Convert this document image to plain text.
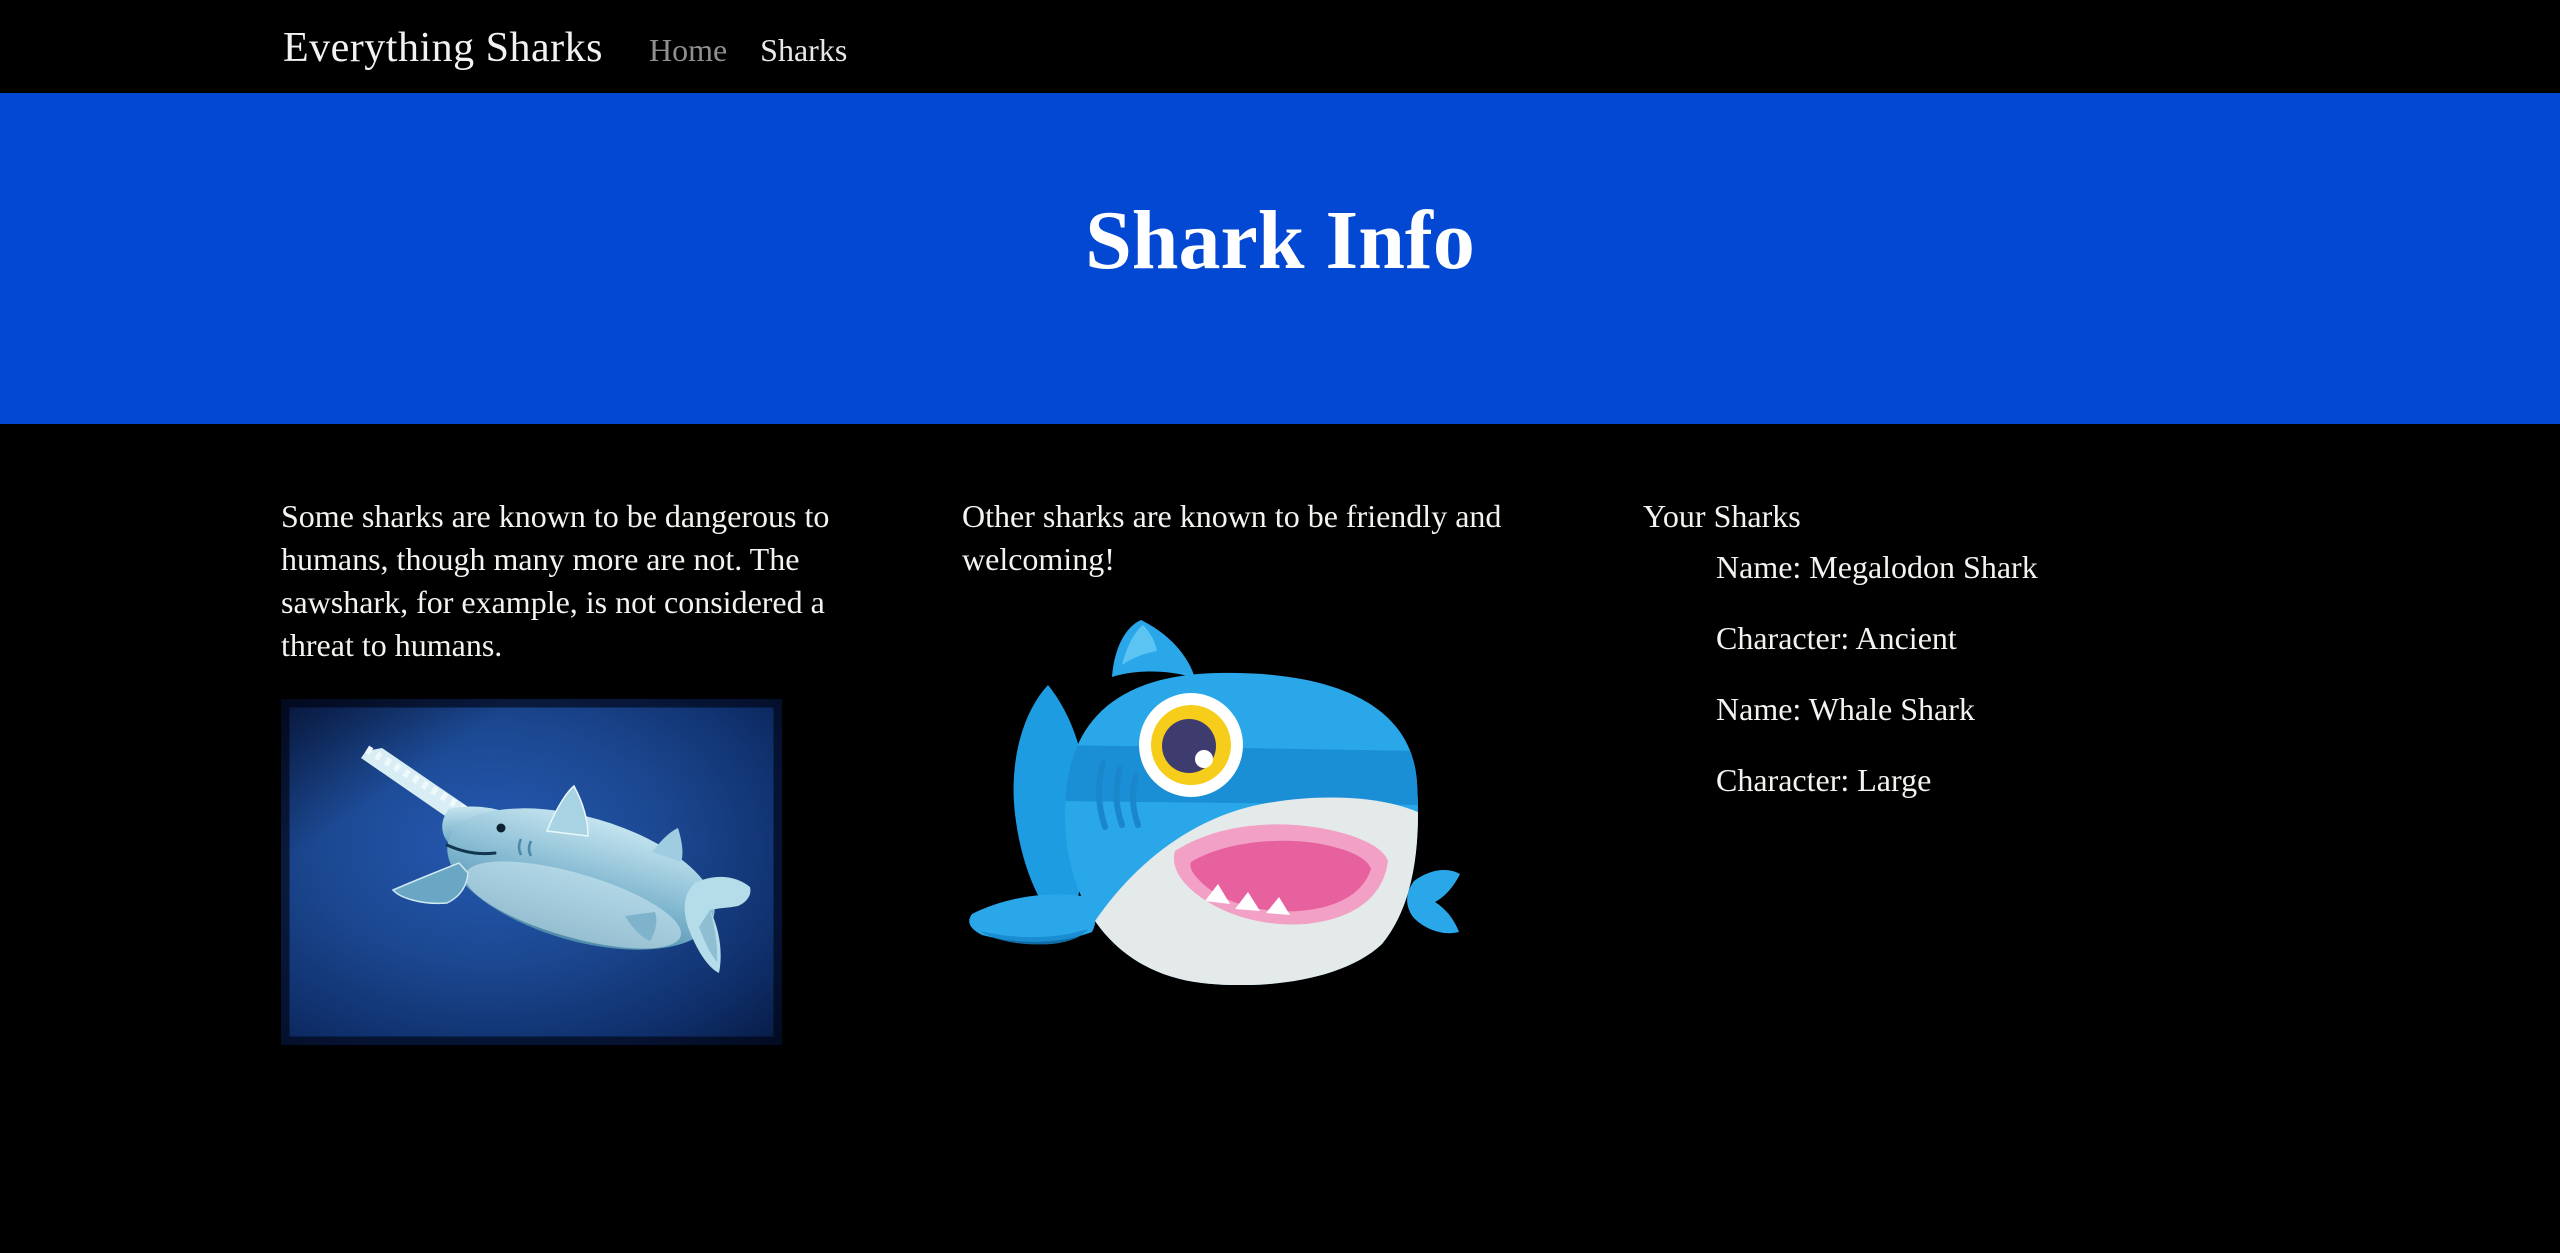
Everything Sharks Home Sharks
Shark Info

Some sharks are known to be dangerous to humans, though many more are not. The sawshark, for example, is not considered a threat to humans.

Other sharks are known to be friendly and welcoming!

Your Sharks
Name: Megalodon Shark
Character: Ancient
Name: Whale Shark
Character: Large
